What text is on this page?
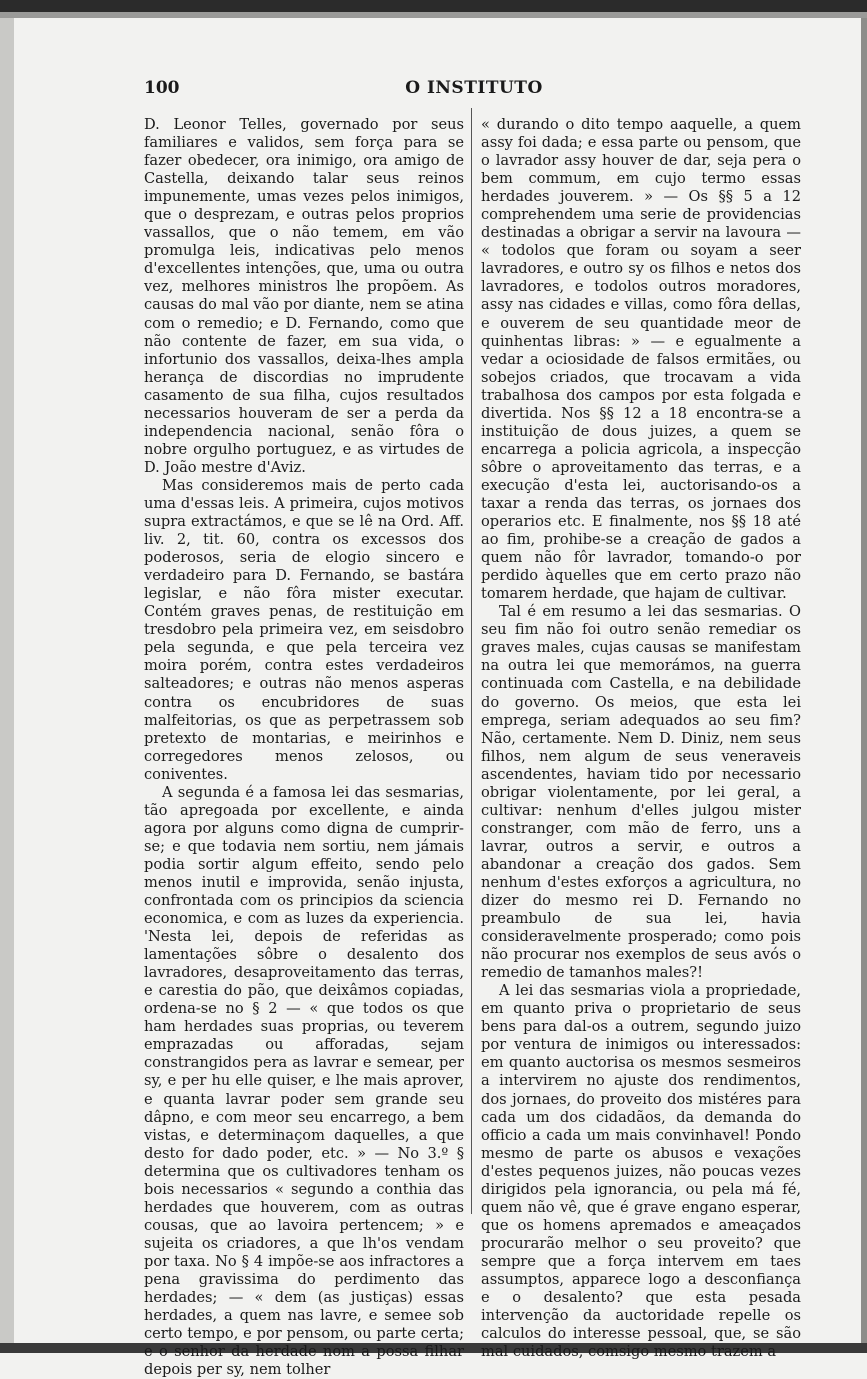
100	O INSTITUTO

D. Leonor Telles, governado por seus familiares e validos, sem força para se fazer obedecer, ora inimigo, ora amigo de Castella, deixando talar seus reinos impunemente, umas vezes pelos inimigos, que o desprezam, e outras pelos proprios vassallos, que o não temem, em vão promulga leis, indicativas pelo menos d'excellentes intenções, que, uma ou outra vez, melhores ministros lhe propõem. As causas do mal vão por diante, nem se atina com o remedio; e D. Fernando, como que não contente de fazer, em sua vida, o infortunio dos vassallos, deixa-lhes ampla herança de discordias no imprudente casamento de sua filha, cujos resultados necessarios houveram de ser a perda da independencia nacional, senão fôra o nobre orgulho portuguez, e as virtudes de D. João mestre d'Aviz.

Mas consideremos mais de perto cada uma d'essas leis. A primeira, cujos motivos supra extractámos, e que se lê na Ord. Aff. liv. 2, tit. 60, contra os excessos dos poderosos, seria de elogio sincero e verdadeiro para D. Fernando, se bastára legislar, e não fôra mister executar. Contém graves penas, de restituição em tresdobro pela primeira vez, em seisdobro pela segunda, e que pela terceira vez moira porém, contra estes verdadeiros salteadores; e outras não menos asperas contra os encubridores de suas malfeitorias, os que as perpetrassem sob pretexto de montarias, e meirinhos e corregedores menos zelosos, ou coniventes.

A segunda é a famosa lei das sesmarias, tão apregoada por excellente, e ainda agora por alguns como digna de cumprir-se; e que todavia nem sortiu, nem jámais podia sortir algum effeito, sendo pelo menos inutil e improvida, senão injusta, confrontada com os principios da sciencia economica, e com as luzes da experiencia. 'Nesta lei, depois de referidas as lamentações sôbre o desalento dos lavradores, desaproveitamento das terras, e carestia do pão, que deixâmos copiadas, ordena-se no § 2 — « que todos os que ham herdades suas proprias, ou teverem emprazadas ou afforadas, sejam constrangidos pera as lavrar e semear, per sy, e per hu elle quiser, e lhe mais aprover, e quanta lavrar poder sem grande seu dâpno, e com meor seu encarrego, a bem vistas, e determinaçom daquelles, a que desto for dado poder, etc. » — No 3.º § determina que os cultivadores tenham os bois necessarios « segundo a conthia das herdades que houverem, com as outras cousas, que ao lavoira pertencem; » e sujeita os criadores, a que lh'os vendam por taxa. No § 4 impõe-se aos infractores a pena gravissima do perdimento das herdades; — « dem (as justiças) essas herdades, a quem nas lavre, e semee sob certo tempo, e por pensom, ou parte certa; e o senhor da herdade nom a possa filhar depois per sy, nem tolher

« durando o dito tempo aaquelle, a quem assy foi dada; e essa parte ou pensom, que o lavrador assy houver de dar, seja pera o bem commum, em cujo termo essas herdades jouverem. » — Os §§ 5 a 12 comprehendem uma serie de providencias destinadas a obrigar a servir na lavoura — « todolos que foram ou soyam a seer lavradores, e outro sy os filhos e netos dos lavradores, e todolos outros moradores, assy nas cidades e villas, como fôra dellas, e ouverem de seu quantidade meor de quinhentas libras: » — e egualmente a vedar a ociosidade de falsos ermitães, ou sobejos criados, que trocavam a vida trabalhosa dos campos por esta folgada e divertida. Nos §§ 12 a 18 encontra-se a instituição de dous juizes, a quem se encarrega a policia agricola, a inspecção sôbre o aproveitamento das terras, e a execução d'esta lei, auctorisando-os a taxar a renda das terras, os jornaes dos operarios etc. E finalmente, nos §§ 18 até ao fim, prohibe-se a creação de gados a quem não fôr lavrador, tomando-o por perdido àquelles que em certo prazo não tomarem herdade, que hajam de cultivar.

Tal é em resumo a lei das sesmarias. O seu fim não foi outro senão remediar os graves males, cujas causas se manifestam na outra lei que memorámos, na guerra continuada com Castella, e na debilidade do governo. Os meios, que esta lei emprega, seriam adequados ao seu fim? Não, certamente. Nem D. Diniz, nem seus filhos, nem algum de seus veneraveis ascendentes, haviam tido por necessario obrigar violentamente, por lei geral, a cultivar: nenhum d'elles julgou mister constranger, com mão de ferro, uns a lavrar, outros a servir, e outros a abandonar a creação dos gados. Sem nenhum d'estes exforços a agricultura, no dizer do mesmo rei D. Fernando no preambulo de sua lei, havia consideravelmente prosperado; como pois não procurar nos exemplos de seus avós o remedio de tamanhos males?!

A lei das sesmarias viola a propriedade, em quanto priva o proprietario de seus bens para dal-os a outrem, segundo juizo por ventura de inimigos ou interessados: em quanto auctorisa os mesmos sesmeiros a intervirem no ajuste dos rendimentos, dos jornaes, do proveito dos mistéres para cada um dos cidadãos, da demanda do officio a cada um mais convinhavel! Pondo mesmo de parte os abusos e vexações d'estes pequenos juizes, não poucas vezes dirigidos pela ignorancia, ou pela má fé, quem não vê, que é grave engano esperar, que os homens apremados e ameaçados procurarão melhor o seu proveito? que sempre que a força intervem em taes assumptos, apparece logo a desconfiança e o desalento? que esta pesada intervenção da auctoridade repelle os calculos do interesse pessoal, que, se são mal cuidados, comsigo mesmo trazem a
